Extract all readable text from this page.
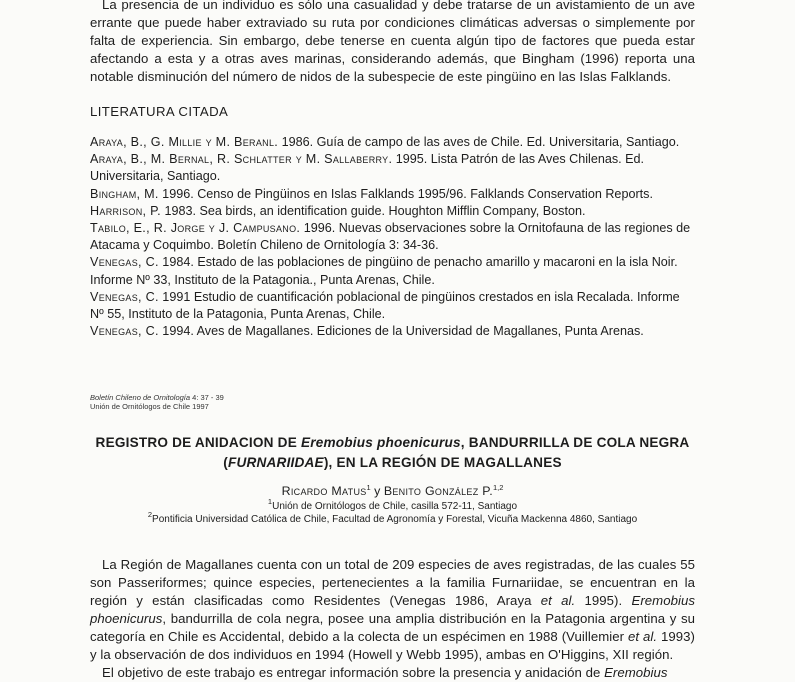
La presencia de un individuo es sólo una casualidad y debe tratarse de un avistamiento de un ave errante que puede haber extraviado su ruta por condiciones climáticas adversas o simplemente por falta de experiencia. Sin embargo, debe tenerse en cuenta algún tipo de factores que pueda estar afectando a esta y a otras aves marinas, considerando además, que Bingham (1996) reporta una notable disminución del número de nidos de la subespecie de este pingüino en las Islas Falklands.

LITERATURA CITADA
Araya, B., G. Millie y M. Beranl. 1986. Guía de campo de las aves de Chile. Ed. Universitaria, Santiago.
Araya, B., M. Bernal, R. Schlatter y M. Sallaberry. 1995. Lista Patrón de las Aves Chilenas. Ed. Universitaria, Santiago.
Bingham, M. 1996. Censo de Pingüinos en Islas Falklands 1995/96. Falklands Conservation Reports.
Harrison, P. 1983. Sea birds, an identification guide. Houghton Mifflin Company, Boston.
Tabilo, E., R. Jorge y J. Campusano. 1996. Nuevas observaciones sobre la Ornitofauna de las regiones de Atacama y Coquimbo. Boletín Chileno de Ornitología 3: 34-36.
Venegas, C. 1984. Estado de las poblaciones de pingüino de penacho amarillo y macaroni en la isla Noir. Informe Nº 33, Instituto de la Patagonia., Punta Arenas, Chile.
Venegas, C. 1991 Estudio de cuantificación poblacional de pingüinos crestados en isla Recalada. Informe Nº 55, Instituto de la Patagonia, Punta Arenas, Chile.
Venegas, C. 1994. Aves de Magallanes. Ediciones de la Universidad de Magallanes, Punta Arenas.
Boletín Chileno de Ornitología 4: 37 - 39
Unión de Ornitólogos de Chile 1997
REGISTRO DE ANIDACION DE Eremobius phoenicurus, BANDURRILLA DE COLA NEGRA
(FURNARIIDAE), EN LA REGIÓN DE MAGALLANES
Ricardo Matus$^1$ y Benito González P.$^{1,2}$
$^1$Unión de Ornitólogos de Chile, casilla 572-11, Santiago
$^2$Pontificia Universidad Católica de Chile, Facultad de Agronomía y Forestal, Vicuña Mackenna 4860, Santiago

La Región de Magallanes cuenta con un total de 209 especies de aves registradas, de las cuales 55 son Passeriformes; quince especies, pertenecientes a la familia Furnariidae, se encuentran en la región y están clasificadas como Residentes (Venegas 1986, Araya et al. 1995). Eremobius phoenicurus, bandurrilla de cola negra, posee una amplia distribución en la Patagonia argentina y su categoría en Chile es Accidental, debido a la colecta de un espécimen en 1988 (Vuillemier et al. 1993) y la observación de dos individuos en 1994 (Howell y Webb 1995), ambas en O'Higgins, XII región.

El objetivo de este trabajo es entregar información sobre la presencia y anidación de Eremobius
